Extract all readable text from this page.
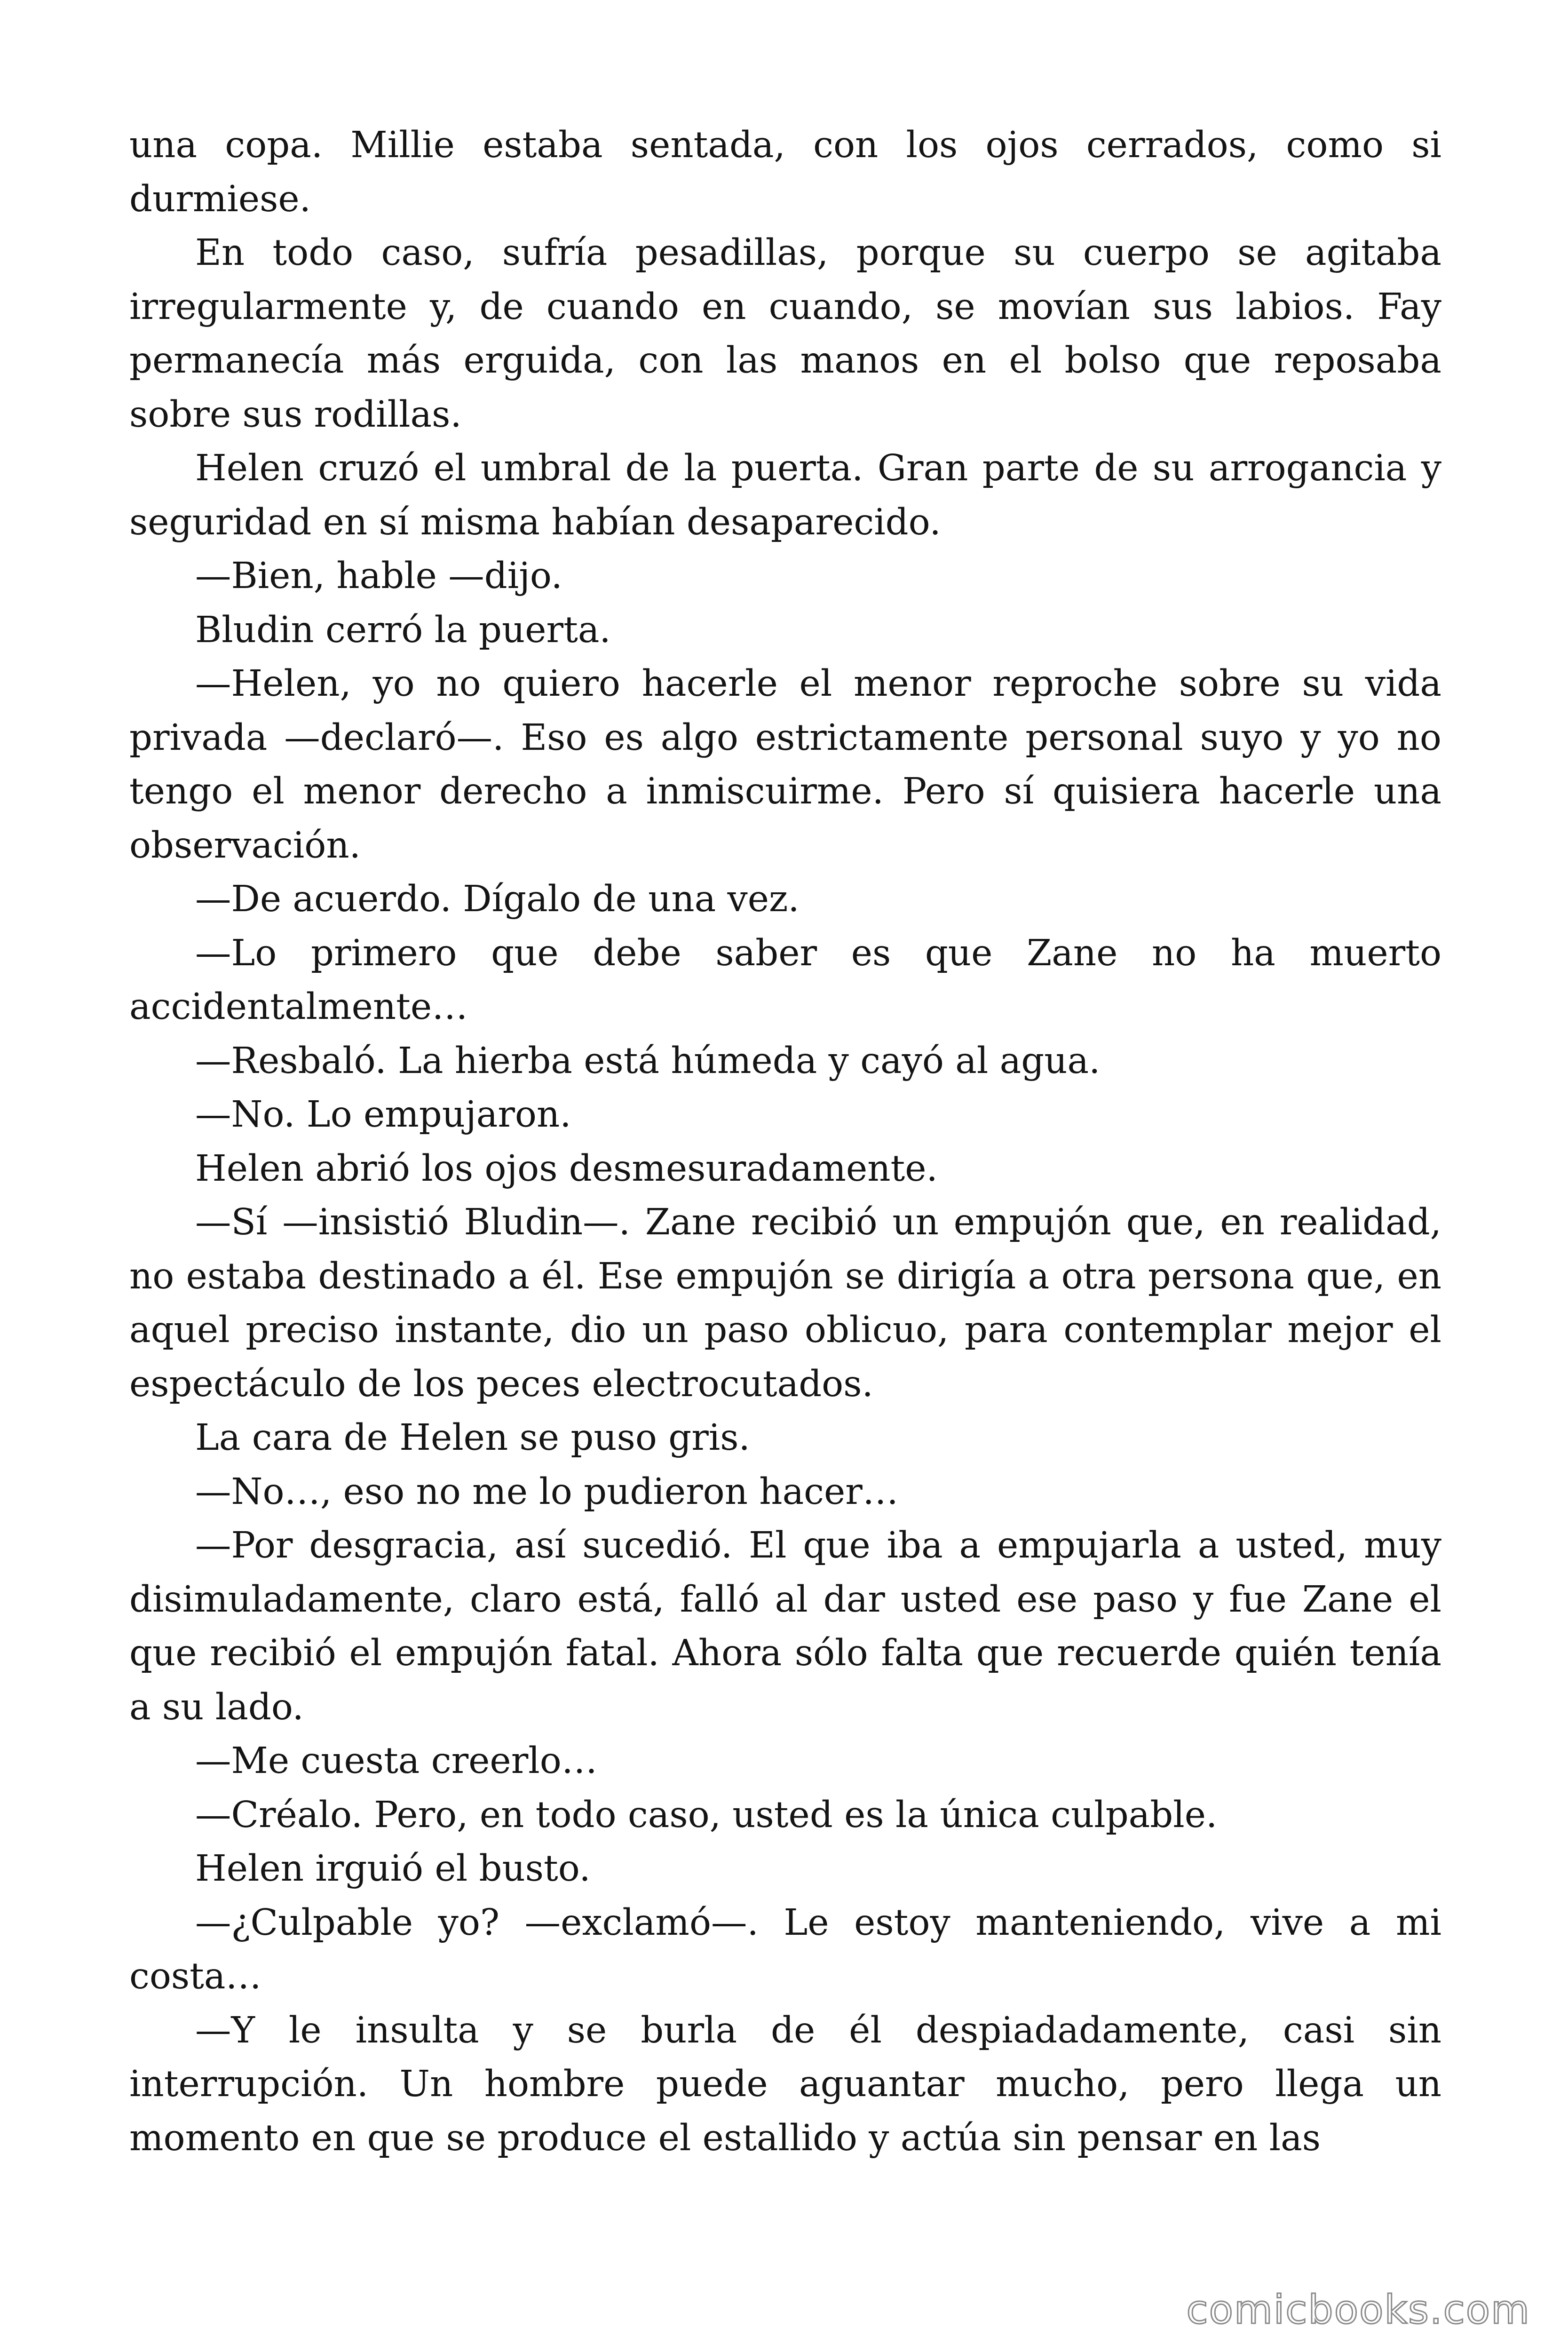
una copa. Millie estaba sentada, con los ojos cerrados, como si durmiese.

En todo caso, sufría pesadillas, porque su cuerpo se agitaba irregularmente y, de cuando en cuando, se movían sus labios. Fay permanecía más erguida, con las manos en el bolso que reposaba sobre sus rodillas.

Helen cruzó el umbral de la puerta. Gran parte de su arrogancia y seguridad en sí misma habían desaparecido.

—Bien, hable —dijo.

Bludin cerró la puerta.

—Helen, yo no quiero hacerle el menor reproche sobre su vida privada —declaró—. Eso es algo estrictamente personal suyo y yo no tengo el menor derecho a inmiscuirme. Pero sí quisiera hacerle una observación.

—De acuerdo. Dígalo de una vez.

—Lo primero que debe saber es que Zane no ha muerto accidentalmente…

—Resbaló. La hierba está húmeda y cayó al agua.

—No. Lo empujaron.

Helen abrió los ojos desmesuradamente.

—Sí —insistió Bludin—. Zane recibió un empujón que, en realidad, no estaba destinado a él. Ese empujón se dirigía a otra persona que, en aquel preciso instante, dio un paso oblicuo, para contemplar mejor el espectáculo de los peces electrocutados.

La cara de Helen se puso gris.

—No…, eso no me lo pudieron hacer…

—Por desgracia, así sucedió. El que iba a empujarla a usted, muy disimuladamente, claro está, falló al dar usted ese paso y fue Zane el que recibió el empujón fatal. Ahora sólo falta que recuerde quién tenía a su lado.

—Me cuesta creerlo…

—Créalo. Pero, en todo caso, usted es la única culpable.

Helen irguió el busto.

—¿Culpable yo? —exclamó—. Le estoy manteniendo, vive a mi costa…

—Y le insulta y se burla de él despiadadamente, casi sin interrupción. Un hombre puede aguantar mucho, pero llega un momento en que se produce el estallido y actúa sin pensar en las

comicbooks.com
